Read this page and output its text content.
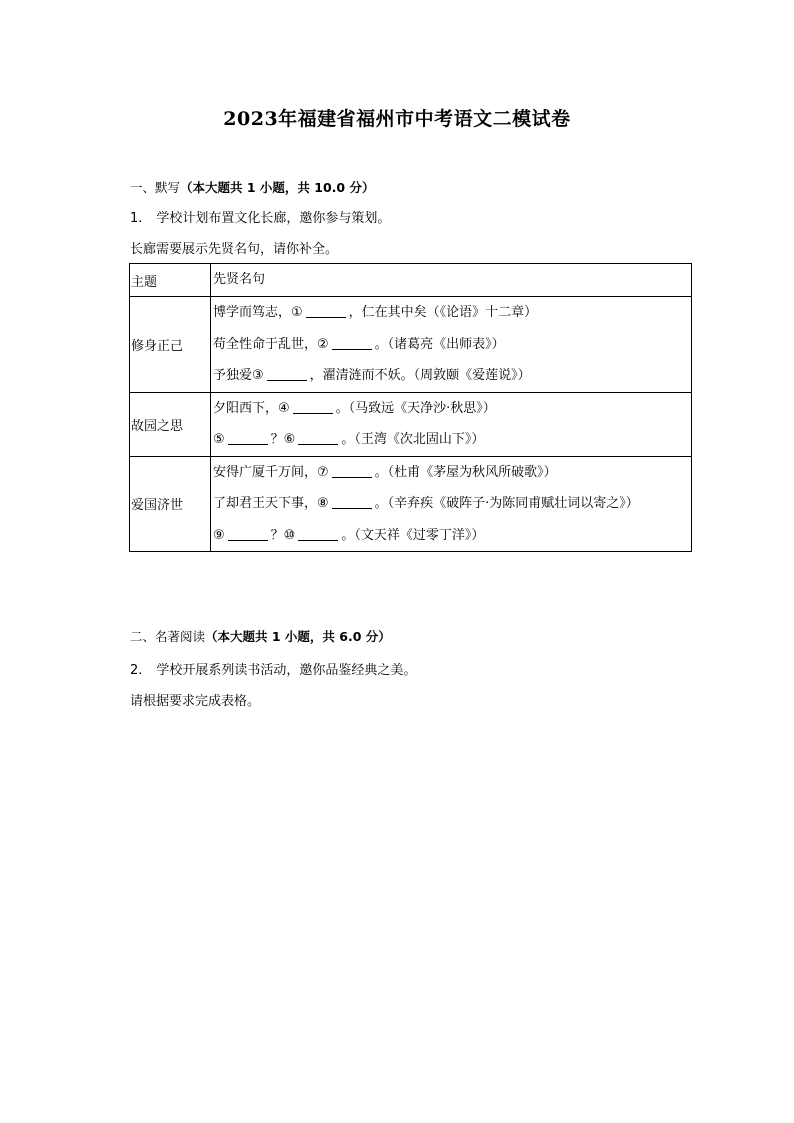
2023年福建省福州市中考语文二模试卷
一、默写（本大题共 1 小题，共 10.0 分）
1. 学校计划布置文化长廊，邀你参与策划。
长廊需要展示先贤名句，请你补全。
主题	先贤名句

修身正己	博学而笃志，① ，仁在其中矣（《论语》十二章）
苟全性命于乱世，② 。（诸葛亮《出师表》）
予独爱③ ，濯清涟而不妖。（周敦颐《爱莲说》）

故园之思	夕阳西下，④ 。（马致远《天净沙·秋思》）
⑤ ？⑥ 。（王湾《次北固山下》）

爱国济世	安得广厦千万间，⑦ 。（杜甫《茅屋为秋风所破歌》）
了却君王天下事，⑧ 。（辛弃疾《破阵子·为陈同甫赋壮词以寄之》）
⑨ ？⑩ 。（文天祥《过零丁洋》）
二、名著阅读（本大题共 1 小题，共 6.0 分）
2. 学校开展系列读书活动，邀你品鉴经典之美。
请根据要求完成表格。
